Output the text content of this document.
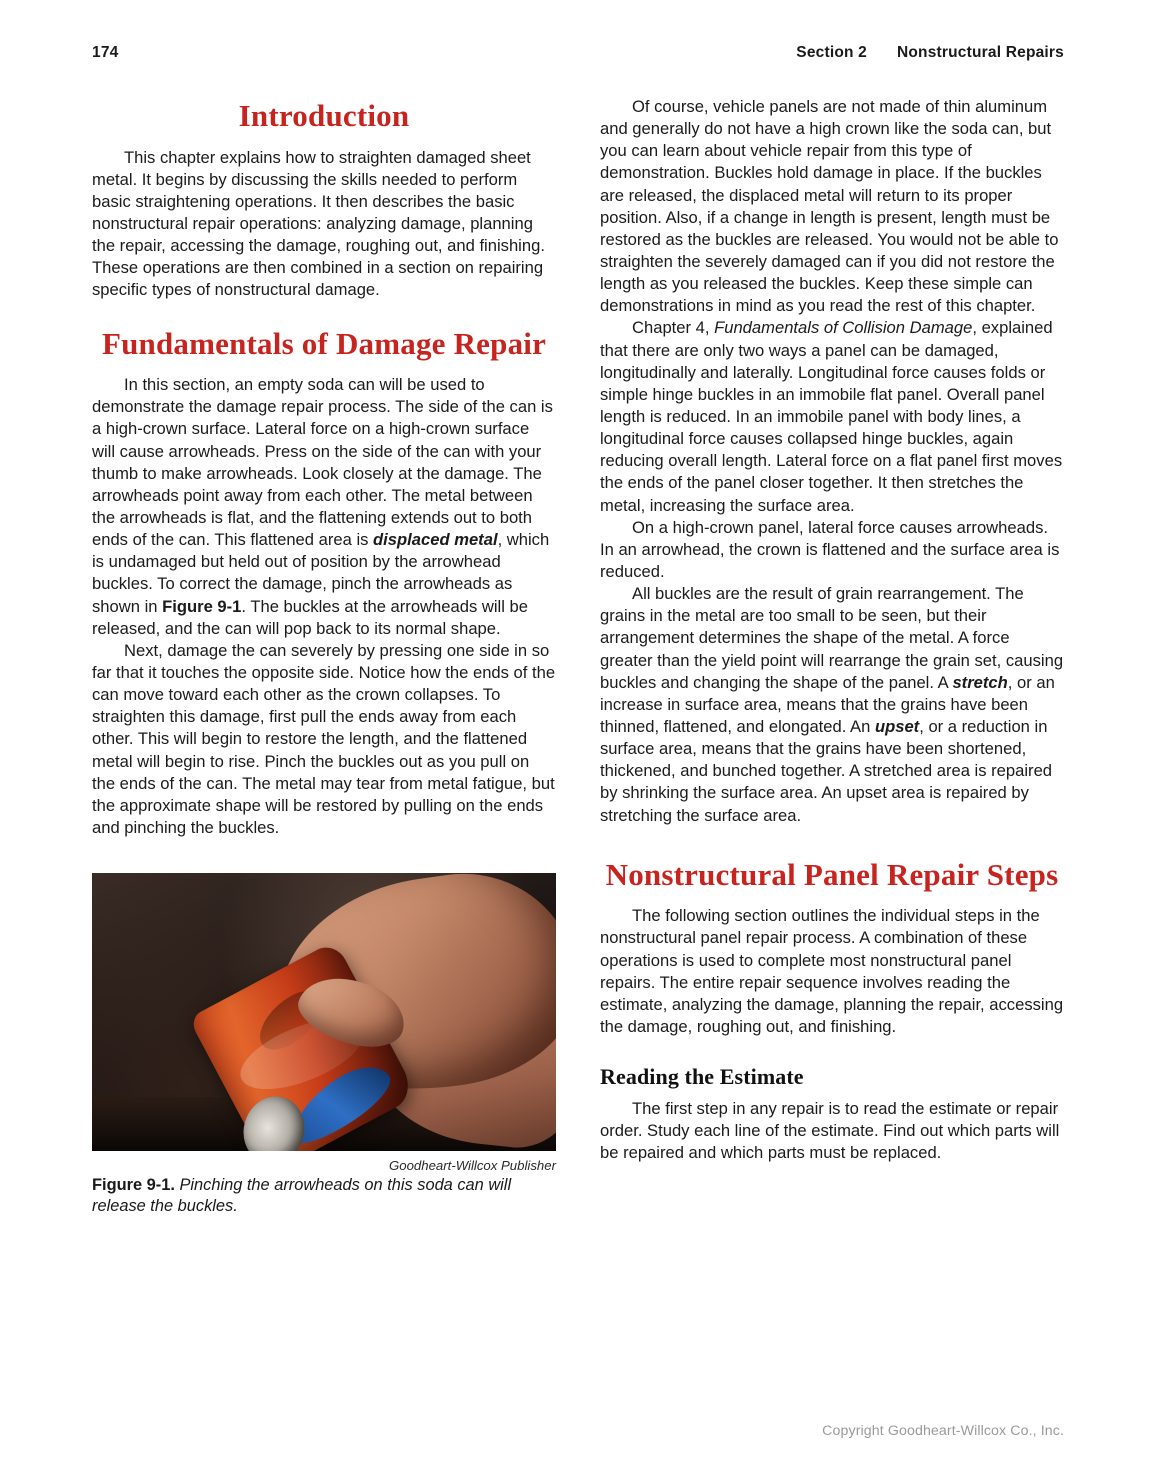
174	Section 2 Nonstructural Repairs
Introduction

This chapter explains how to straighten damaged sheet metal. It begins by discussing the skills needed to perform basic straightening operations. It then describes the basic nonstructural repair operations: analyzing damage, planning the repair, accessing the damage, roughing out, and finishing. These operations are then combined in a section on repairing specific types of nonstructural damage.

Fundamentals of Damage Repair

In this section, an empty soda can will be used to demonstrate the damage repair process. The side of the can is a high-crown surface. Lateral force on a high-crown surface will cause arrowheads. Press on the side of the can with your thumb to make arrowheads. Look closely at the damage. The arrowheads point away from each other. The metal between the arrowheads is flat, and the flattening extends out to both ends of the can. This flattened area is displaced metal, which is undamaged but held out of position by the arrowhead buckles. To correct the damage, pinch the arrowheads as shown in Figure 9-1. The buckles at the arrowheads will be released, and the can will pop back to its normal shape.

Next, damage the can severely by pressing one side in so far that it touches the opposite side. Notice how the ends of the can move toward each other as the crown collapses. To straighten this damage, first pull the ends away from each other. This will begin to restore the length, and the flattened metal will begin to rise. Pinch the buckles out as you pull on the ends of the can. The metal may tear from metal fatigue, but the approximate shape will be restored by pulling on the ends and pinching the buckles.

Goodheart-Willcox Publisher

Figure 9-1. Pinching the arrowheads on this soda can will release the buckles.

Of course, vehicle panels are not made of thin aluminum and generally do not have a high crown like the soda can, but you can learn about vehicle repair from this type of demonstration. Buckles hold damage in place. If the buckles are released, the displaced metal will return to its proper position. Also, if a change in length is present, length must be restored as the buckles are released. You would not be able to straighten the severely damaged can if you did not restore the length as you released the buckles. Keep these simple can demonstrations in mind as you read the rest of this chapter.

Chapter 4, Fundamentals of Collision Damage, explained that there are only two ways a panel can be damaged, longitudinally and laterally. Longitudinal force causes folds or simple hinge buckles in an immobile flat panel. Overall panel length is reduced. In an immobile panel with body lines, a longitudinal force causes collapsed hinge buckles, again reducing overall length. Lateral force on a flat panel first moves the ends of the panel closer together. It then stretches the metal, increasing the surface area.

On a high-crown panel, lateral force causes arrowheads. In an arrowhead, the crown is flattened and the surface area is reduced.

All buckles are the result of grain rearrangement. The grains in the metal are too small to be seen, but their arrangement determines the shape of the metal. A force greater than the yield point will rearrange the grain set, causing buckles and changing the shape of the panel. A stretch, or an increase in surface area, means that the grains have been thinned, flattened, and elongated. An upset, or a reduction in surface area, means that the grains have been shortened, thickened, and bunched together. A stretched area is repaired by shrinking the surface area. An upset area is repaired by stretching the surface area.

Nonstructural Panel Repair Steps

The following section outlines the individual steps in the nonstructural panel repair process. A combination of these operations is used to complete most nonstructural panel repairs. The entire repair sequence involves reading the estimate, analyzing the damage, planning the repair, accessing the damage, roughing out, and finishing.

Reading the Estimate

The first step in any repair is to read the estimate or repair order. Study each line of the estimate. Find out which parts will be repaired and which parts must be replaced.

Copyright Goodheart-Willcox Co., Inc.
